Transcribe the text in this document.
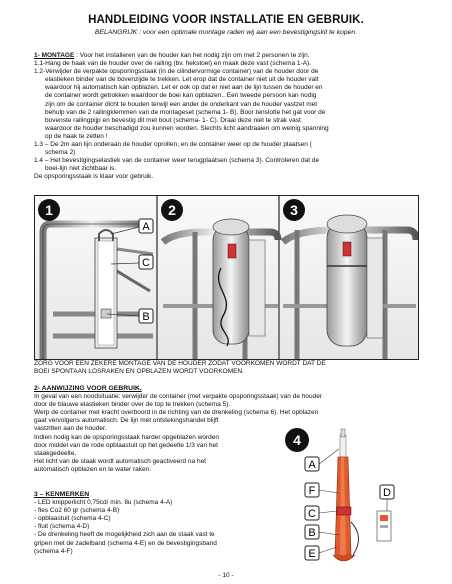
HANDLEIDING VOOR INSTALLATIE EN GEBRUIK.
BELANGRIJK : voor een optimale montage raden wij aan een bevestigingskit te kopen.
1- MONTAGE : Voor het installeren van de houder kan het nodig zijn om met 2 personen te zijn.
1.1-Hang de haak van de houder over de railing (bv. hekstoel) en maak deze vast (schema 1-A).
1.2-Verwijder de verpakte opsporingsstaak (in de cilindervormige container) van de houder door de
elastieken binder van de bovenzijde te trekken. Let erop dat de container niet uit de houder valt
waardoor hij automatisch kan opblazen. Let er ook op dat er niet aan de lijn tussen de houder en
de container wordt getrokken waardoor de boei kan opblazen.. Een tweede persoon kan nodig
zijn om de container dicht te houden terwijl een ander de onderkant van de houder vastzet met
behulp van de 2 railingklemmen van de montageset (schema 1- B). Boor tenslotte het gat voor de
bovenste railingpijp en bevestig dit met bout (schema- 1- C). Draai deze niet te strak vast
waardoor de houder beschadigd zou kunnen worden. Slechts licht aandraaien om weinig spanning
op de haak te zetten !
1.3 – De 2m aan lijn onderaan de houder oprollen, en de container weer op de houder plaatsen (
schema 2)
1.4 – Het bevestigingselastiek van de container weer terugplaatsen (schema 3). Controleren dat de
boei-lijn niet zichtbaar is.
De opsporingsstaak is klaar voor gebruik.
A
C
B
1	2	3
ZORG VOOR EEN ZEKERE MONTAGE VAN DE HOUDER ZODAT VOORKOMEN WORDT DAT DE
BOEI SPONTAAN LOSRAKEN EN OPBLAZEN WORDT VOORKOMEN.
2- AANWIJZING VOOR GEBRUIK.
In geval van een noodsituatie: verwijder de container (met verpakte opsporingsstaak) van de houder
door de blauwe elastieken binder over de top te trekken (schema 5).
Werp de container met kracht overboord in de richting van de drenkeling (schema 6). Het opblazen
gaat vervolgens automatisch. De lijn met ontstekingshandel blijft
vastzitten aan de houder.
Indien nodig kan de opsporingsstaak harder opgeblazen worden
door middel van de rode opblaastuit op het gedeelte 1/3 van het
staakgedeelte.
Het licht van de staak wordt automatisch geactiveerd na het
automatisch opblazen en te water raken.
3 – KENMERKEN
- LED knipperlicht 0,75cd/ min. 8u (schema 4-A)
- fles Co2 60 gr (schema 4-B)
- opblaastuit (schema 4-C)
- fluit (schema 4-D)
- De drenkeling heeft de mogelijkheid zich aan de staak vast te
gripen met de zadelband (schema 4-E) en de bevestigingsband
(schema 4-F)
4
A
F	D
C
B
E
- 10 -
